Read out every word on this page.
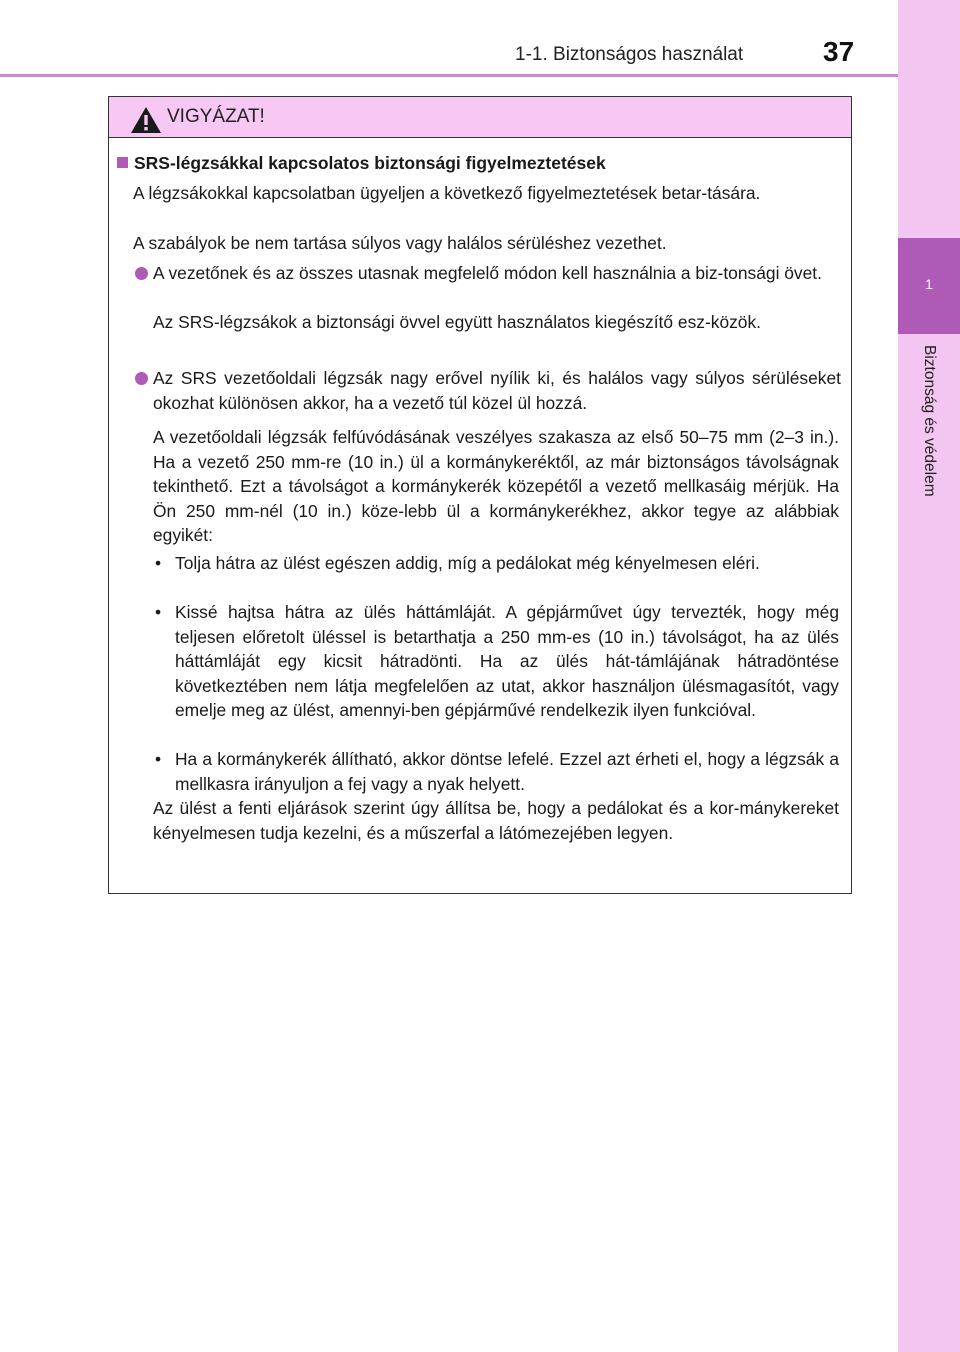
1-1. Biztonságos használat	37
1
Biztonság és védelem
VIGYÁZAT!
SRS-légzsákkal kapcsolatos biztonsági figyelmeztetések
A légzsákokkal kapcsolatban ügyeljen a következő figyelmeztetések betar-tására.
A szabályok be nem tartása súlyos vagy halálos sérüléshez vezethet.
A vezetőnek és az összes utasnak megfelelő módon kell használnia a biz-tonsági övet.
Az SRS-légzsákok a biztonsági övvel együtt használatos kiegészítő esz-közök.
Az SRS vezetőoldali légzsák nagy erővel nyílik ki, és halálos vagy súlyos sérüléseket okozhat különösen akkor, ha a vezető túl közel ül hozzá.
A vezetőoldali légzsák felfúvódásának veszélyes szakasza az első 50–75 mm (2–3 in.). Ha a vezető 250 mm-re (10 in.) ül a kormánykeréktől, az már biztonságos távolságnak tekinthető. Ezt a távolságot a kormánykerék közepétől a vezető mellkasáig mérjük. Ha Ön 250 mm-nél (10 in.) köze-lebb ül a kormánykerékhez, akkor tegye az alábbiak egyikét:
• Tolja hátra az ülést egészen addig, míg a pedálokat még kényelmesen eléri.
• Kissé hajtsa hátra az ülés háttámláját. A gépjárművet úgy tervezték, hogy még teljesen előretolt üléssel is betarthatja a 250 mm-es (10 in.) távolságot, ha az ülés háttámláját egy kicsit hátradönti. Ha az ülés hát-támlájának hátradöntése következtében nem látja megfelelően az utat, akkor használjon ülésmagasítót, vagy emelje meg az ülést, amennyi-ben gépjárművé rendelkezik ilyen funkcióval.
• Ha a kormánykerék állítható, akkor döntse lefelé. Ezzel azt érheti el, hogy a légzsák a mellkasra irányuljon a fej vagy a nyak helyett.
Az ülést a fenti eljárások szerint úgy állítsa be, hogy a pedálokat és a kor-mánykereket kényelmesen tudja kezelni, és a műszerfal a látómezejében legyen.
